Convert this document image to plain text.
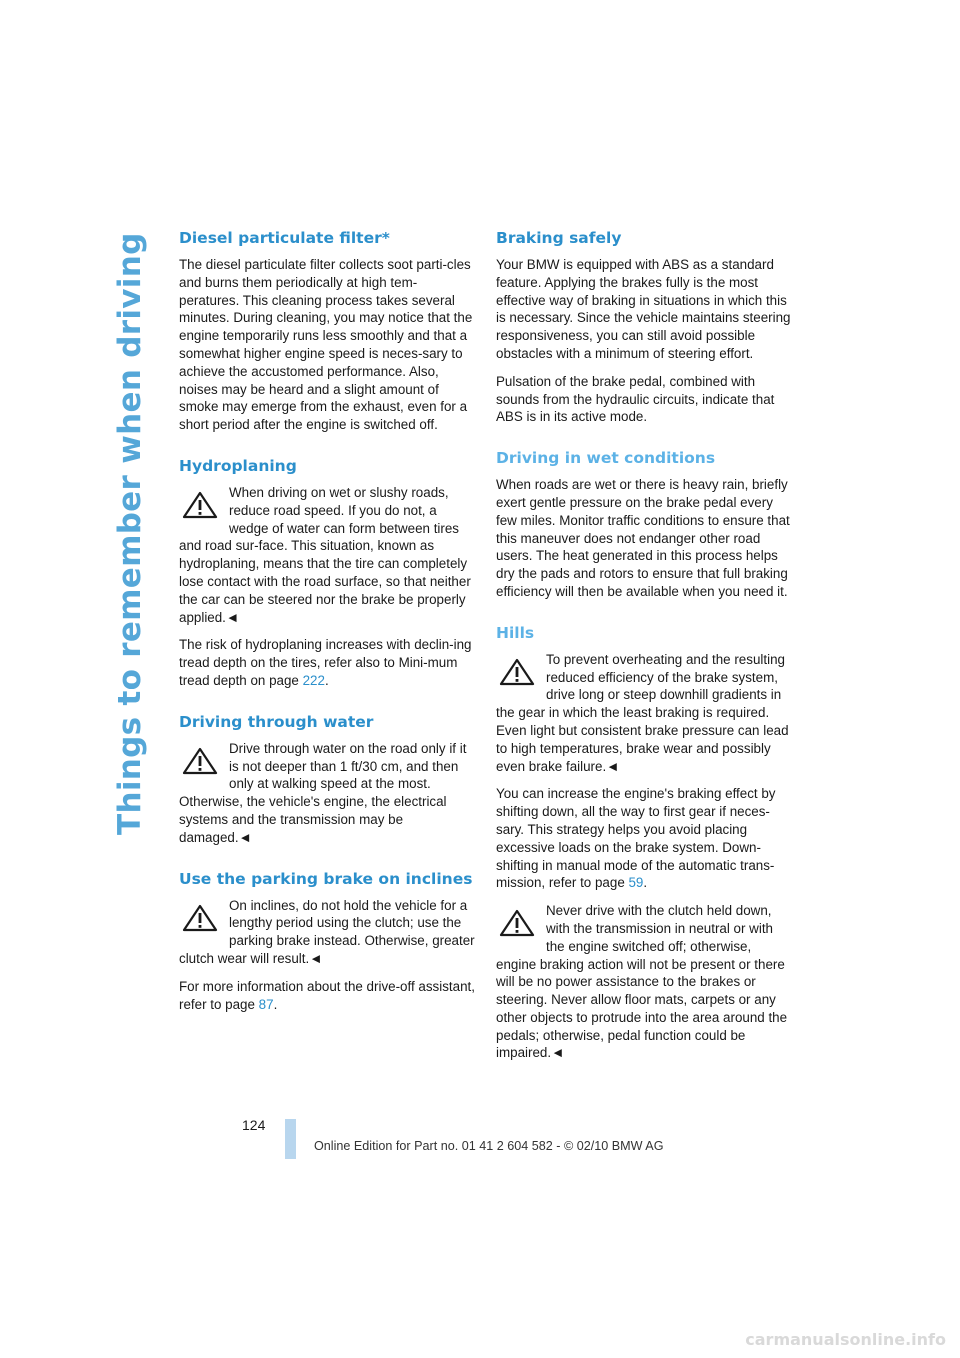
Things to remember when driving Diesel particulate filter*

The diesel particulate filter collects soot parti-cles and burns them periodically at high tem-peratures. This cleaning process takes several minutes. During cleaning, you may notice that the engine temporarily runs less smoothly and that a somewhat higher engine speed is neces-sary to achieve the accustomed performance. Also, noises may be heard and a slight amount of smoke may emerge from the exhaust, even for a short period after the engine is switched off.

Hydroplaning
When driving on wet or slushy roads, reduce road speed. If you do not, a wedge of water can form between tires and road sur-face. This situation, known as hydroplaning, means that the tire can completely lose contact with the road surface, so that neither the car can be steered nor the brake be properly applied.◄

The risk of hydroplaning increases with declin-ing tread depth on the tires, refer also to Mini-mum tread depth on page 222.

Driving through water
Drive through water on the road only if it is not deeper than 1 ft/30 cm, and then only at walking speed at the most. Otherwise, the vehicle's engine, the electrical systems and the transmission may be damaged.◄
Use the parking brake on inclines
On inclines, do not hold the vehicle for a lengthy period using the clutch; use the parking brake instead. Otherwise, greater clutch wear will result.◄

For more information about the drive-off assistant, refer to page 87.

Braking safely

Your BMW is equipped with ABS as a standard feature. Applying the brakes fully is the most effective way of braking in situations in which this is necessary. Since the vehicle maintains steering responsiveness, you can still avoid possible obstacles with a minimum of steering effort.

Pulsation of the brake pedal, combined with sounds from the hydraulic circuits, indicate that ABS is in its active mode.

Driving in wet conditions

When roads are wet or there is heavy rain, briefly exert gentle pressure on the brake pedal every few miles. Monitor traffic conditions to ensure that this maneuver does not endanger other road users. The heat generated in this process helps dry the pads and rotors to ensure that full braking efficiency will then be available when you need it.

Hills
To prevent overheating and the resulting reduced efficiency of the brake system, drive long or steep downhill gradients in the gear in which the least braking is required. Even light but consistent brake pressure can lead to high temperatures, brake wear and possibly even brake failure.◄

You can increase the engine's braking effect by shifting down, all the way to first gear if neces-sary. This strategy helps you avoid placing excessive loads on the brake system. Down-shifting in manual mode of the automatic trans-mission, refer to page 59.

Never drive with the clutch held down, with the transmission in neutral or with the engine switched off; otherwise, engine braking action will not be present or there will be no power assistance to the brakes or steering. Never allow floor mats, carpets or any other objects to protrude into the area around the pedals; otherwise, pedal function could be impaired.◄
124
Online Edition for Part no. 01 41 2 604 582 - © 02/10 BMW AG
carmanualsonline.info
